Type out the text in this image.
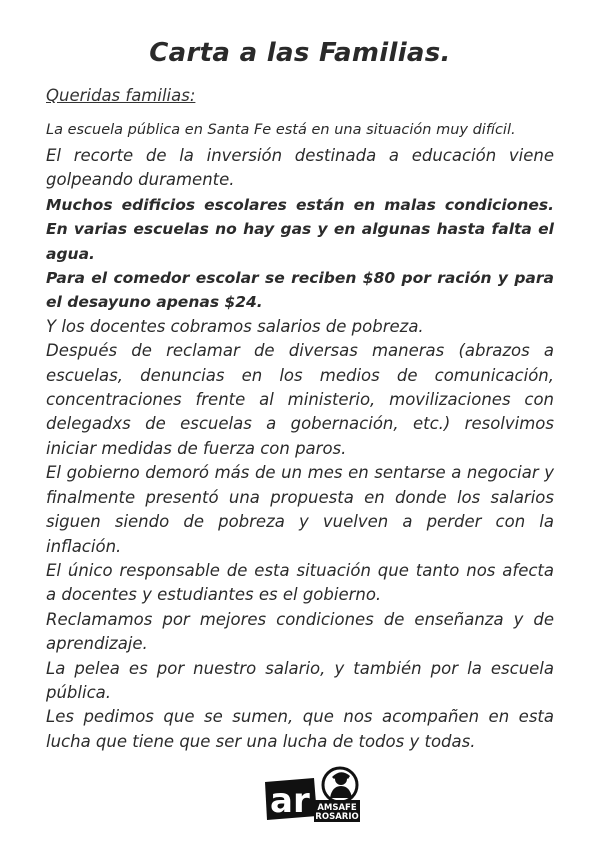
Carta a las Familias.
Queridas familias:

La escuela pública en Santa Fe está en una situación muy difícil.

El recorte de la inversión destinada a educación viene golpeando duramente.

Muchos edificios escolares están en malas condiciones. En varias escuelas no hay gas y en algunas hasta falta el agua.

Para el comedor escolar se reciben $80 por ración y para el desayuno apenas $24.

Y los docentes cobramos salarios de pobreza.

Después de reclamar de diversas maneras (abrazos a escuelas, denuncias en los medios de comunicación, concentraciones frente al ministerio, movilizaciones con delegadxs de escuelas a gobernación, etc.) resolvimos iniciar medidas de fuerza con paros.

El gobierno demoró más de un mes en sentarse a negociar y finalmente presentó una propuesta en donde los salarios siguen siendo de pobreza y vuelven a perder con la inflación.

El único responsable de esta situación que tanto nos afecta a docentes y estudiantes es el gobierno.

Reclamamos por mejores condiciones de enseñanza y de aprendizaje.

La pelea es por nuestro salario, y también por la escuela pública.

Les pedimos que se sumen, que nos acompañen en esta lucha que tiene que ser una lucha de todos y todas.

ar AMSAFE
ROSARIO
